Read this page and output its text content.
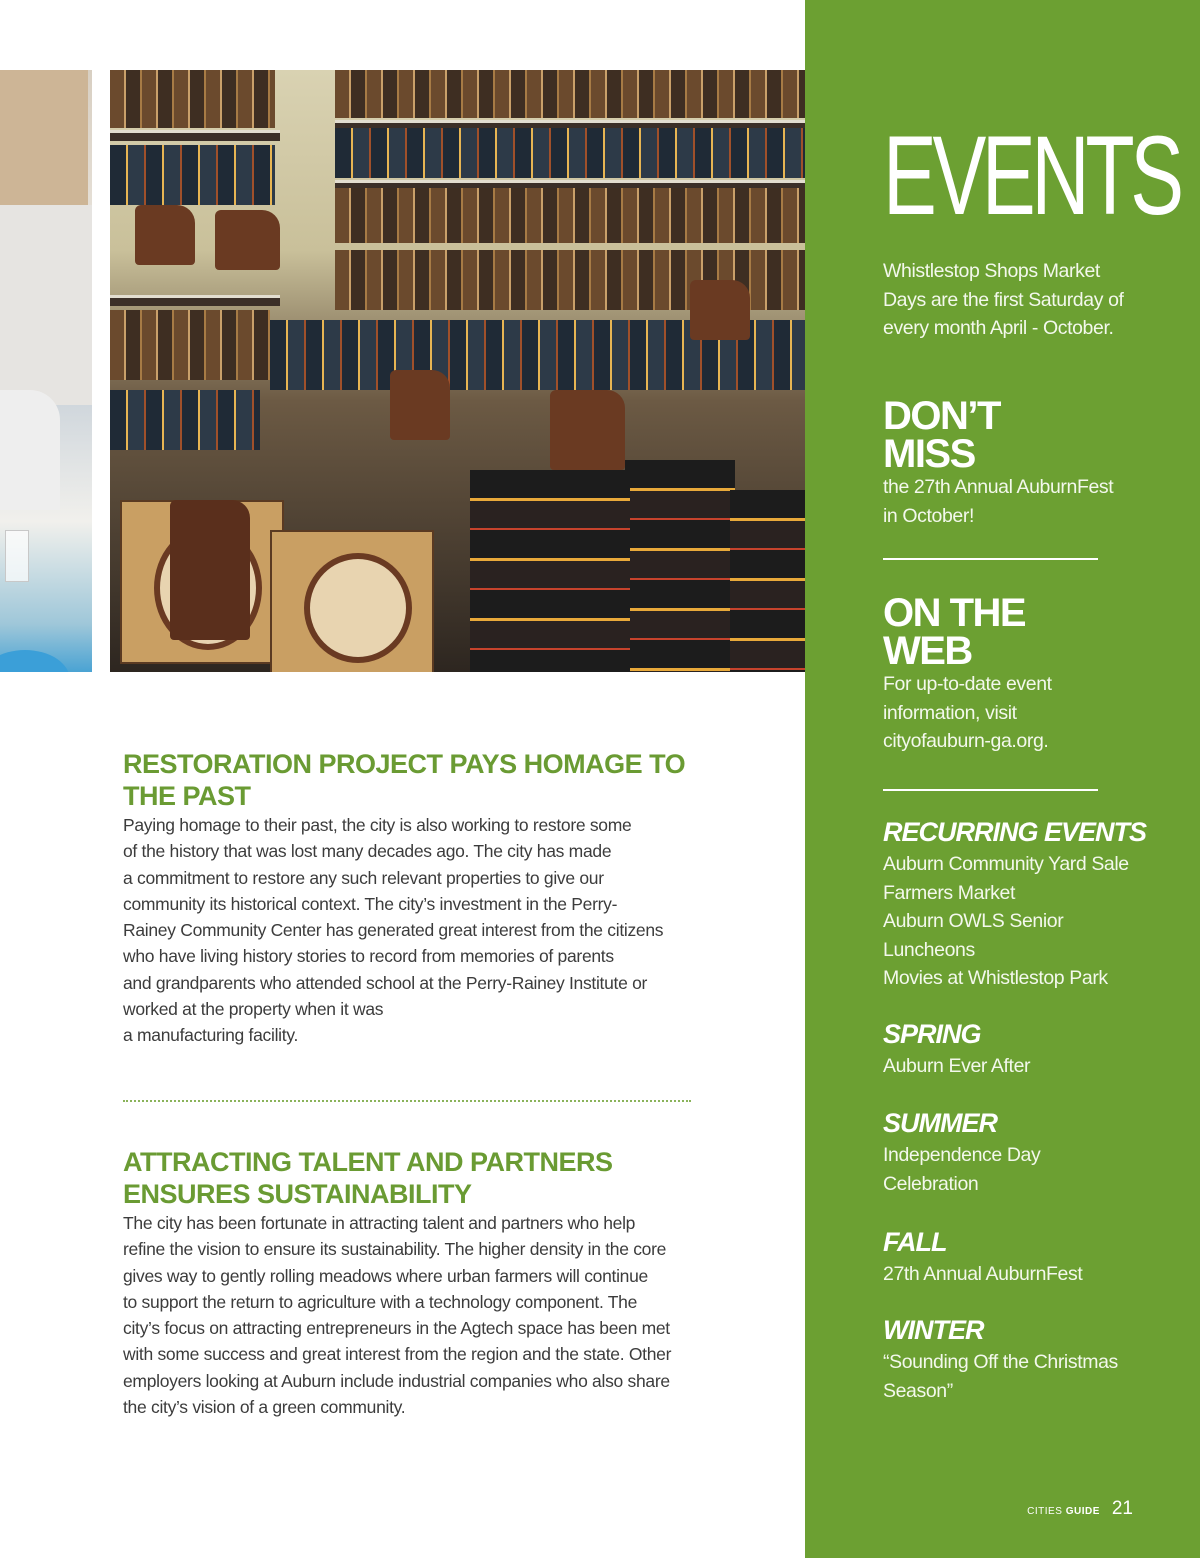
RESTORATION PROJECT PAYS HOMAGE TO THE PAST

Paying homage to their past, the city is also working to restore some
of the history that was lost many decades ago. The city has made
a commitment to restore any such relevant properties to give our
community its historical context. The city’s investment in the Perry-
Rainey Community Center has generated great interest from the citizens
who have living history stories to record from memories of parents
and grandparents who attended school at the Perry-Rainey Institute or
worked at the property when it was
a manufacturing facility.

ATTRACTING TALENT AND PARTNERS ENSURES SUSTAINABILITY

The city has been fortunate in attracting talent and partners who help
refine the vision to ensure its sustainability. The higher density in the core
gives way to gently rolling meadows where urban farmers will continue
to support the return to agriculture with a technology component. The
city’s focus on attracting entrepreneurs in the Agtech space has been met
with some success and great interest from the region and the state. Other
employers looking at Auburn include industrial companies who also share
the city’s vision of a green community.

EVENTS
Whistlestop Shops Market
Days are the first Saturday of
every month April - October.
DON’T
MISS
the 27th Annual AuburnFest
in October!
ON THE
WEB
For up-to-date event
information, visit
cityofauburn-ga.org.
RECURRING EVENTS
Auburn Community Yard Sale
Farmers Market
Auburn OWLS Senior
Luncheons
Movies at Whistlestop Park
SPRING
Auburn Ever After
SUMMER
Independence Day
Celebration
FALL
27th Annual AuburnFest
WINTER
“Sounding Off the Christmas
Season”
CITIES GUIDE 21
